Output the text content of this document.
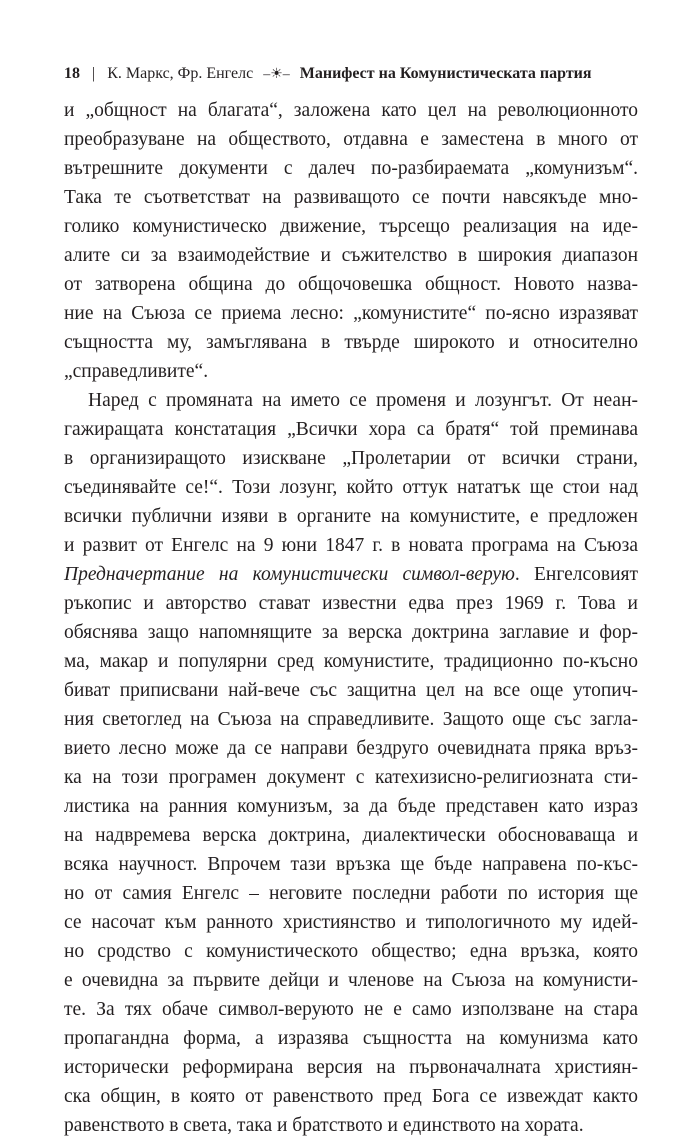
18 | К. Маркс, Фр. Енгелс –☀– Манифест на Комунистическата партия
и „общност на благата“, заложена като цел на революционното
преобразуване на обществото, отдавна е заместена в много от
вътрешните документи с далеч по-разбираемата „комунизъм“.
Така те съответстват на развиващото се почти навсякъде мно-
голико комунистическо движение, търсещо реализация на иде-
алите си за взаимодействие и съжителство в широкия диапазон
от затворена община до общочовешка общност. Новото назва-
ние на Съюза се приема лесно: „комунистите“ по-ясно изразяват
същността му, замъглявана в твърде широкото и относително
„справедливите“.
Наред с промяната на името се променя и лозунгът. От неан-
гажиращата констатация „Всички хора са братя“ той преминава
в организиращото изискване „Пролетарии от всички страни,
съединявайте се!“. Този лозунг, който оттук нататък ще стои над
всички публични изяви в органите на комунистите, е предложен
и развит от Енгелс на 9 юни 1847 г. в новата програма на Съюза
Предначертание на комунистически символ-верую. Енгелсовият
ръкопис и авторство стават известни едва през 1969 г. Това и
обяснява защо напомнящите за верска доктрина заглавие и фор-
ма, макар и популярни сред комунистите, традиционно по-късно
биват приписвани най-вече със защитна цел на все още утопич-
ния светоглед на Съюза на справедливите. Защото още със загла-
вието лесно може да се направи бездруго очевидната пряка връз-
ка на този програмен документ с катехизисно-религиозната сти-
листика на ранния комунизъм, за да бъде представен като израз
на надвремева верска доктрина, диалектически обосноваваща и
всяка научност. Впрочем тази връзка ще бъде направена по-къс-
но от самия Енгелс – неговите последни работи по история ще
се насочат към ранното християнство и типологичното му идей-
но сродство с комунистическото общество; една връзка, която
е очевидна за първите дейци и членове на Съюза на комунисти-
те. За тях обаче символ-веруюто не е само използване на стара
пропагандна форма, а изразява същността на комунизма като
исторически реформирана версия на първоначалната християн-
ска общин, в която от равенството пред Бога се извеждат както
равенството в света, така и братството и единството на хората.
